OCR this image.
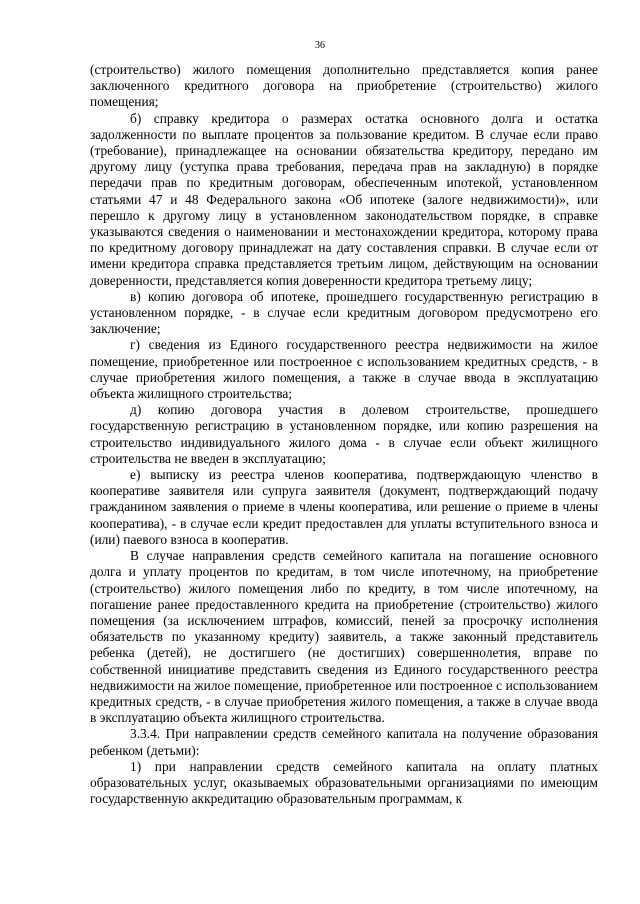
36

(строительство) жилого помещения дополнительно представляется копия ранее заключенного кредитного договора на приобретение (строительство) жилого помещения;

б) справку кредитора о размерах остатка основного долга и остатка задолженности по выплате процентов за пользование кредитом. В случае если право (требование), принадлежащее на основании обязательства кредитору, передано им другому лицу (уступка права требования, передача прав на закладную) в порядке передачи прав по кредитным договорам, обеспеченным ипотекой, установленном статьями 47 и 48 Федерального закона «Об ипотеке (залоге недвижимости)», или перешло к другому лицу в установленном законодательством порядке, в справке указываются сведения о наименовании и местонахождении кредитора, которому права по кредитному договору принадлежат на дату составления справки. В случае если от имени кредитора справка представляется третьим лицом, действующим на основании доверенности, представляется копия доверенности кредитора третьему лицу;

в) копию договора об ипотеке, прошедшего государственную регистрацию в установленном порядке, - в случае если кредитным договором предусмотрено его заключение;

г) сведения из Единого государственного реестра недвижимости на жилое помещение, приобретенное или построенное с использованием кредитных средств, - в случае приобретения жилого помещения, а также в случае ввода в эксплуатацию объекта жилищного строительства;

д) копию договора участия в долевом строительстве, прошедшего государственную регистрацию в установленном порядке, или копию разрешения на строительство индивидуального жилого дома - в случае если объект жилищного строительства не введен в эксплуатацию;

е) выписку из реестра членов кооператива, подтверждающую членство в кооперативе заявителя или супруга заявителя (документ, подтверждающий подачу гражданином заявления о приеме в члены кооператива, или решение о приеме в члены кооператива), - в случае если кредит предоставлен для уплаты вступительного взноса и (или) паевого взноса в кооператив.

В случае направления средств семейного капитала на погашение основного долга и уплату процентов по кредитам, в том числе ипотечному, на приобретение (строительство) жилого помещения либо по кредиту, в том числе ипотечному, на погашение ранее предоставленного кредита на приобретение (строительство) жилого помещения (за исключением штрафов, комиссий, пеней за просрочку исполнения обязательств по указанному кредиту) заявитель, а также законный представитель ребенка (детей), не достигшего (не достигших) совершеннолетия, вправе по собственной инициативе представить сведения из Единого государственного реестра недвижимости на жилое помещение, приобретенное или построенное с использованием кредитных средств, - в случае приобретения жилого помещения, а также в случае ввода в эксплуатацию объекта жилищного строительства.

3.3.4. При направлении средств семейного капитала на получение образования ребенком (детьми):

1) при направлении средств семейного капитала на оплату платных образовательных услуг, оказываемых образовательными организациями по имеющим государственную аккредитацию образовательным программам, к
